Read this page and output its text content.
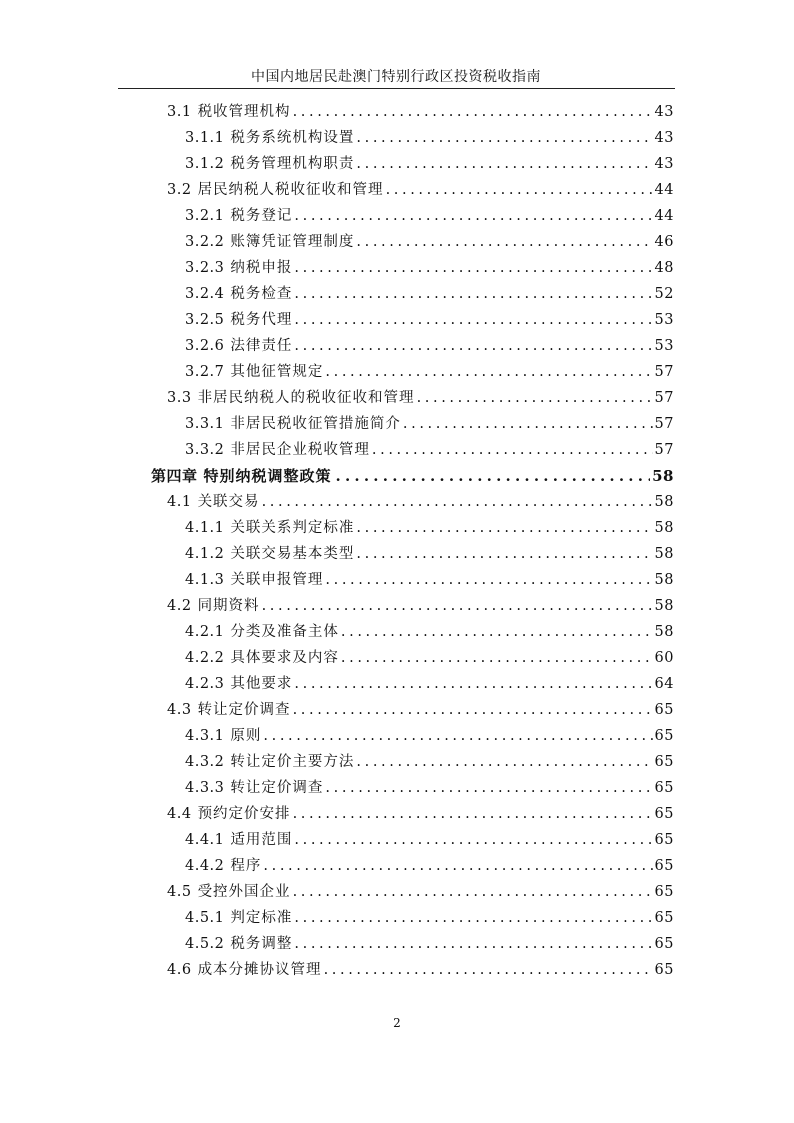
中国内地居民赴澳门特别行政区投资税收指南
3.1 税收管理机构 . . .	43
3.1.1 税务系统机构设置 . . .	43
3.1.2 税务管理机构职责 . . .	43
3.2 居民纳税人税收征收和管理 . . .	44
3.2.1 税务登记 . . .	44
3.2.2 账簿凭证管理制度 . . .	46
3.2.3 纳税申报 . . .	48
3.2.4 税务检查 . . .	52
3.2.5 税务代理 . . .	53
3.2.6 法律责任 . . .	53
3.2.7 其他征管规定 . . .	57
3.3 非居民纳税人的税收征收和管理 . . .	57
3.3.1 非居民税收征管措施简介 . . .	57
3.3.2 非居民企业税收管理 . . .	57
第四章 特别纳税调整政策 . . .	58
4.1 关联交易 . . .	58
4.1.1 关联关系判定标准 . . .	58
4.1.2 关联交易基本类型 . . .	58
4.1.3 关联申报管理 . . .	58
4.2 同期资料 . . .	58
4.2.1 分类及准备主体 . . .	58
4.2.2 具体要求及内容 . . .	60
4.2.3 其他要求 . . .	64
4.3 转让定价调查 . . .	65
4.3.1 原则 . . .	65
4.3.2 转让定价主要方法 . . .	65
4.3.3 转让定价调查 . . .	65
4.4 预约定价安排 . . .	65
4.4.1 适用范围 . . .	65
4.4.2 程序 . . .	65
4.5 受控外国企业 . . .	65
4.5.1 判定标准 . . .	65
4.5.2 税务调整 . . .	65
4.6 成本分摊协议管理 . . .	65
2
